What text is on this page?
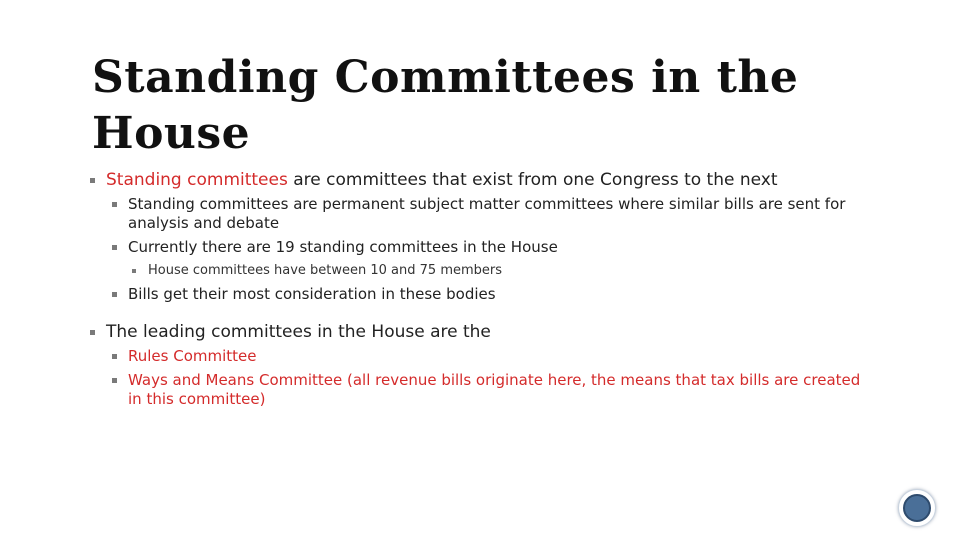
Standing Committees in the House
Standing committees are committees that exist from one Congress to the next
Standing committees are permanent subject matter committees where similar bills are sent for analysis and debate
Currently there are 19 standing committees in the House
House committees have between 10 and 75 members
Bills get their most consideration in these bodies
The leading committees in the House are the
Rules Committee
Ways and Means Committee (all revenue bills originate here, the means that tax bills are created in this committee)
